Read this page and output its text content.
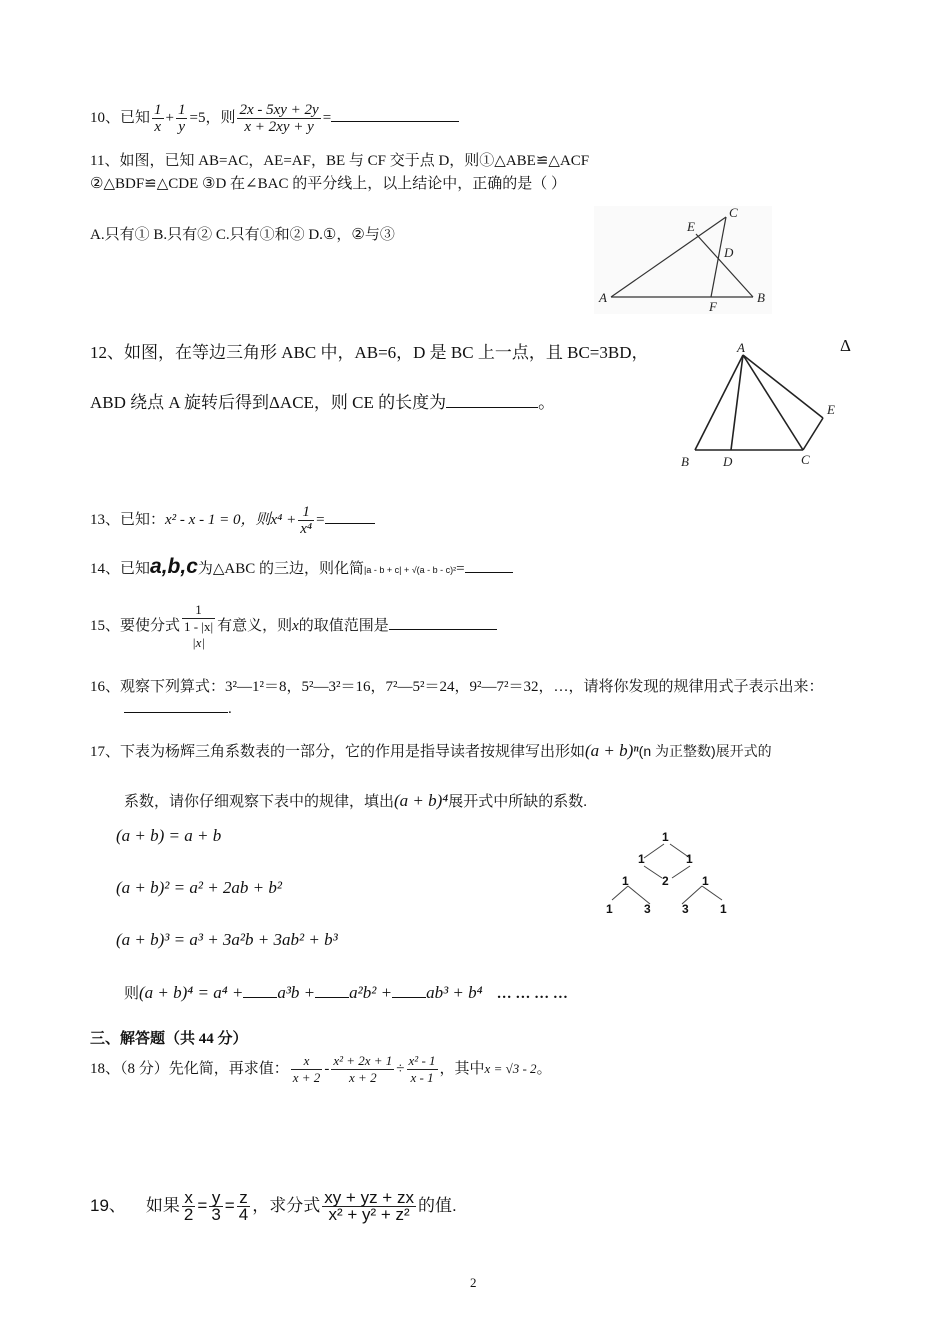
10、已知 $\frac{1}{x} + \frac{1}{y} =5$，则 $\frac{2x - 5xy + 2y}{x + 2xy + y}$ =
11、如图，已知 AB=AC，AE=AF，BE 与 CF 交于点 D，则①△ABE≌△ACF
②△BDF≌△CDE ③D 在∠BAC 的平分线上，以上结论中，正确的是（ ）
A.只有① B.只有② C.只有①和② D.①，②与③
A	B
C
D
E
F
12、如图，在等边三角形 ABC 中，AB=6，D 是 BC 上一点，且 BC=3BD，	Δ
ABD 绕点 A 旋转后得到ΔACE，则 CE 的长度为	。
A
B	C
D
E
13、已知：x² - x - 1 = 0，则$x^4 + \frac{1}{\text{x⁴}}$ =
14、已知a,b,c为△ABC 的三边，则化简|a - b + c| + √(a - b - c)²=
15、要使分式
1
1 - |x|
|x|
有意义，则x的取值范围是
16、观察下列算式：3²—1²＝8，5²—3²＝16，7²—5²＝24，9²—7²＝32，…，请将你发现的规律用式子表示出来：
.
17、下表为杨辉三角系数表的一部分，它的作用是指导读者按规律写出形如(a + b)ⁿ(n 为正整数)展开式的
系数，请你仔细观察下表中的规律，填出(a + b)⁴展开式中所缺的系数.
(a + b) = a + b
(a + b)² = a² + 2ab + b²
(a + b)³ = a³ + 3a²b + 3ab² + b³
则(a + b)⁴ = a⁴ + a³b + a²b² + ab³ + b⁴ … … … …
1
1	1
1	2	1
1	3	3	1
三、解答题（共 44 分）
18、（8 分）先化简，再求值： $\frac{x}{x + 2} - \frac{\text{x² + 2x + 1}}{x + 2} \div \frac{\text{x² - 1}}{x - 1}$ ，其中x = √3 - 2。
19、 如果 $\frac{x}{2} = \frac{y}{3} = \frac{z}{4}$ ，求分式 $\frac{xy + yz + zx}{\text{x² + y² + z²}}$ 的值.
2
